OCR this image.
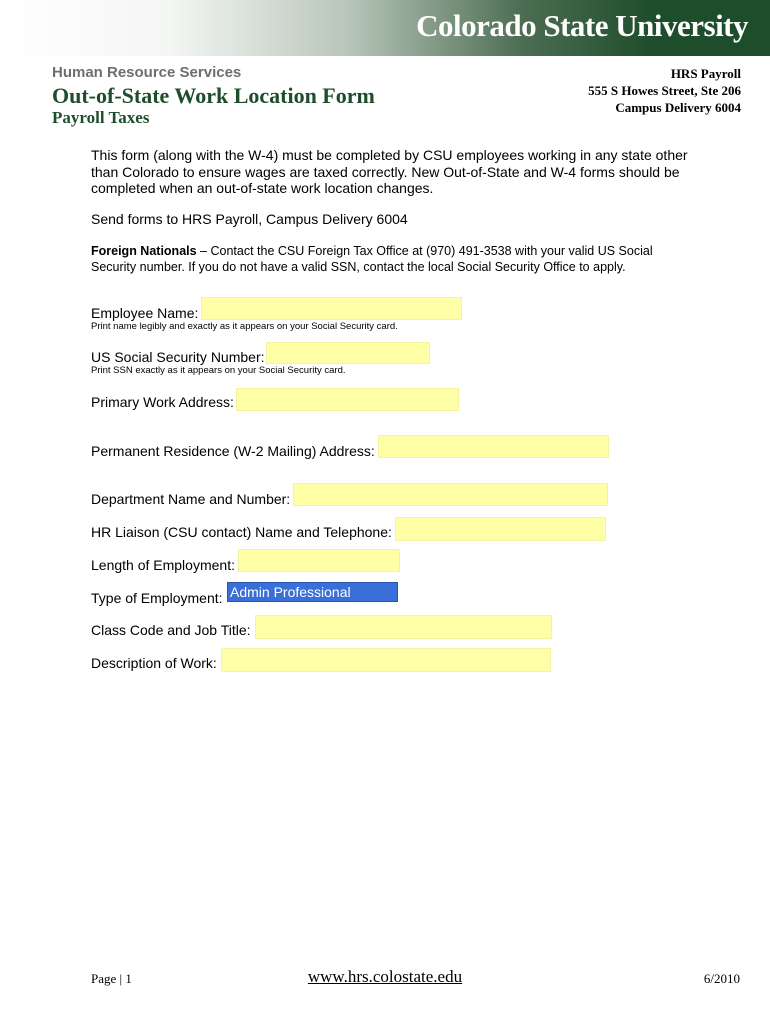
Colorado State University
Human Resource Services
Out-of-State Work Location Form
Payroll Taxes
HRS Payroll
555 S Howes Street, Ste 206
Campus Delivery 6004
This form (along with the W-4) must be completed by CSU employees working in any state other than Colorado to ensure wages are taxed correctly. New Out-of-State and W-4 forms should be completed when an out-of-state work location changes.
Send forms to HRS Payroll, Campus Delivery 6004
Foreign Nationals – Contact the CSU Foreign Tax Office at (970) 491-3538 with your valid US Social Security number. If you do not have a valid SSN, contact the local Social Security Office to apply.
Employee Name:
Print name legibly and exactly as it appears on your Social Security card.
US Social Security Number:
Print SSN exactly as it appears on your Social Security card.
Primary Work Address:
Permanent Residence (W-2 Mailing) Address:
Department Name and Number:
HR Liaison (CSU contact) Name and Telephone:
Length of Employment:
Type of Employment: Admin Professional
Class Code and Job Title:
Description of Work:
Page | 1	www.hrs.colostate.edu	6/2010
